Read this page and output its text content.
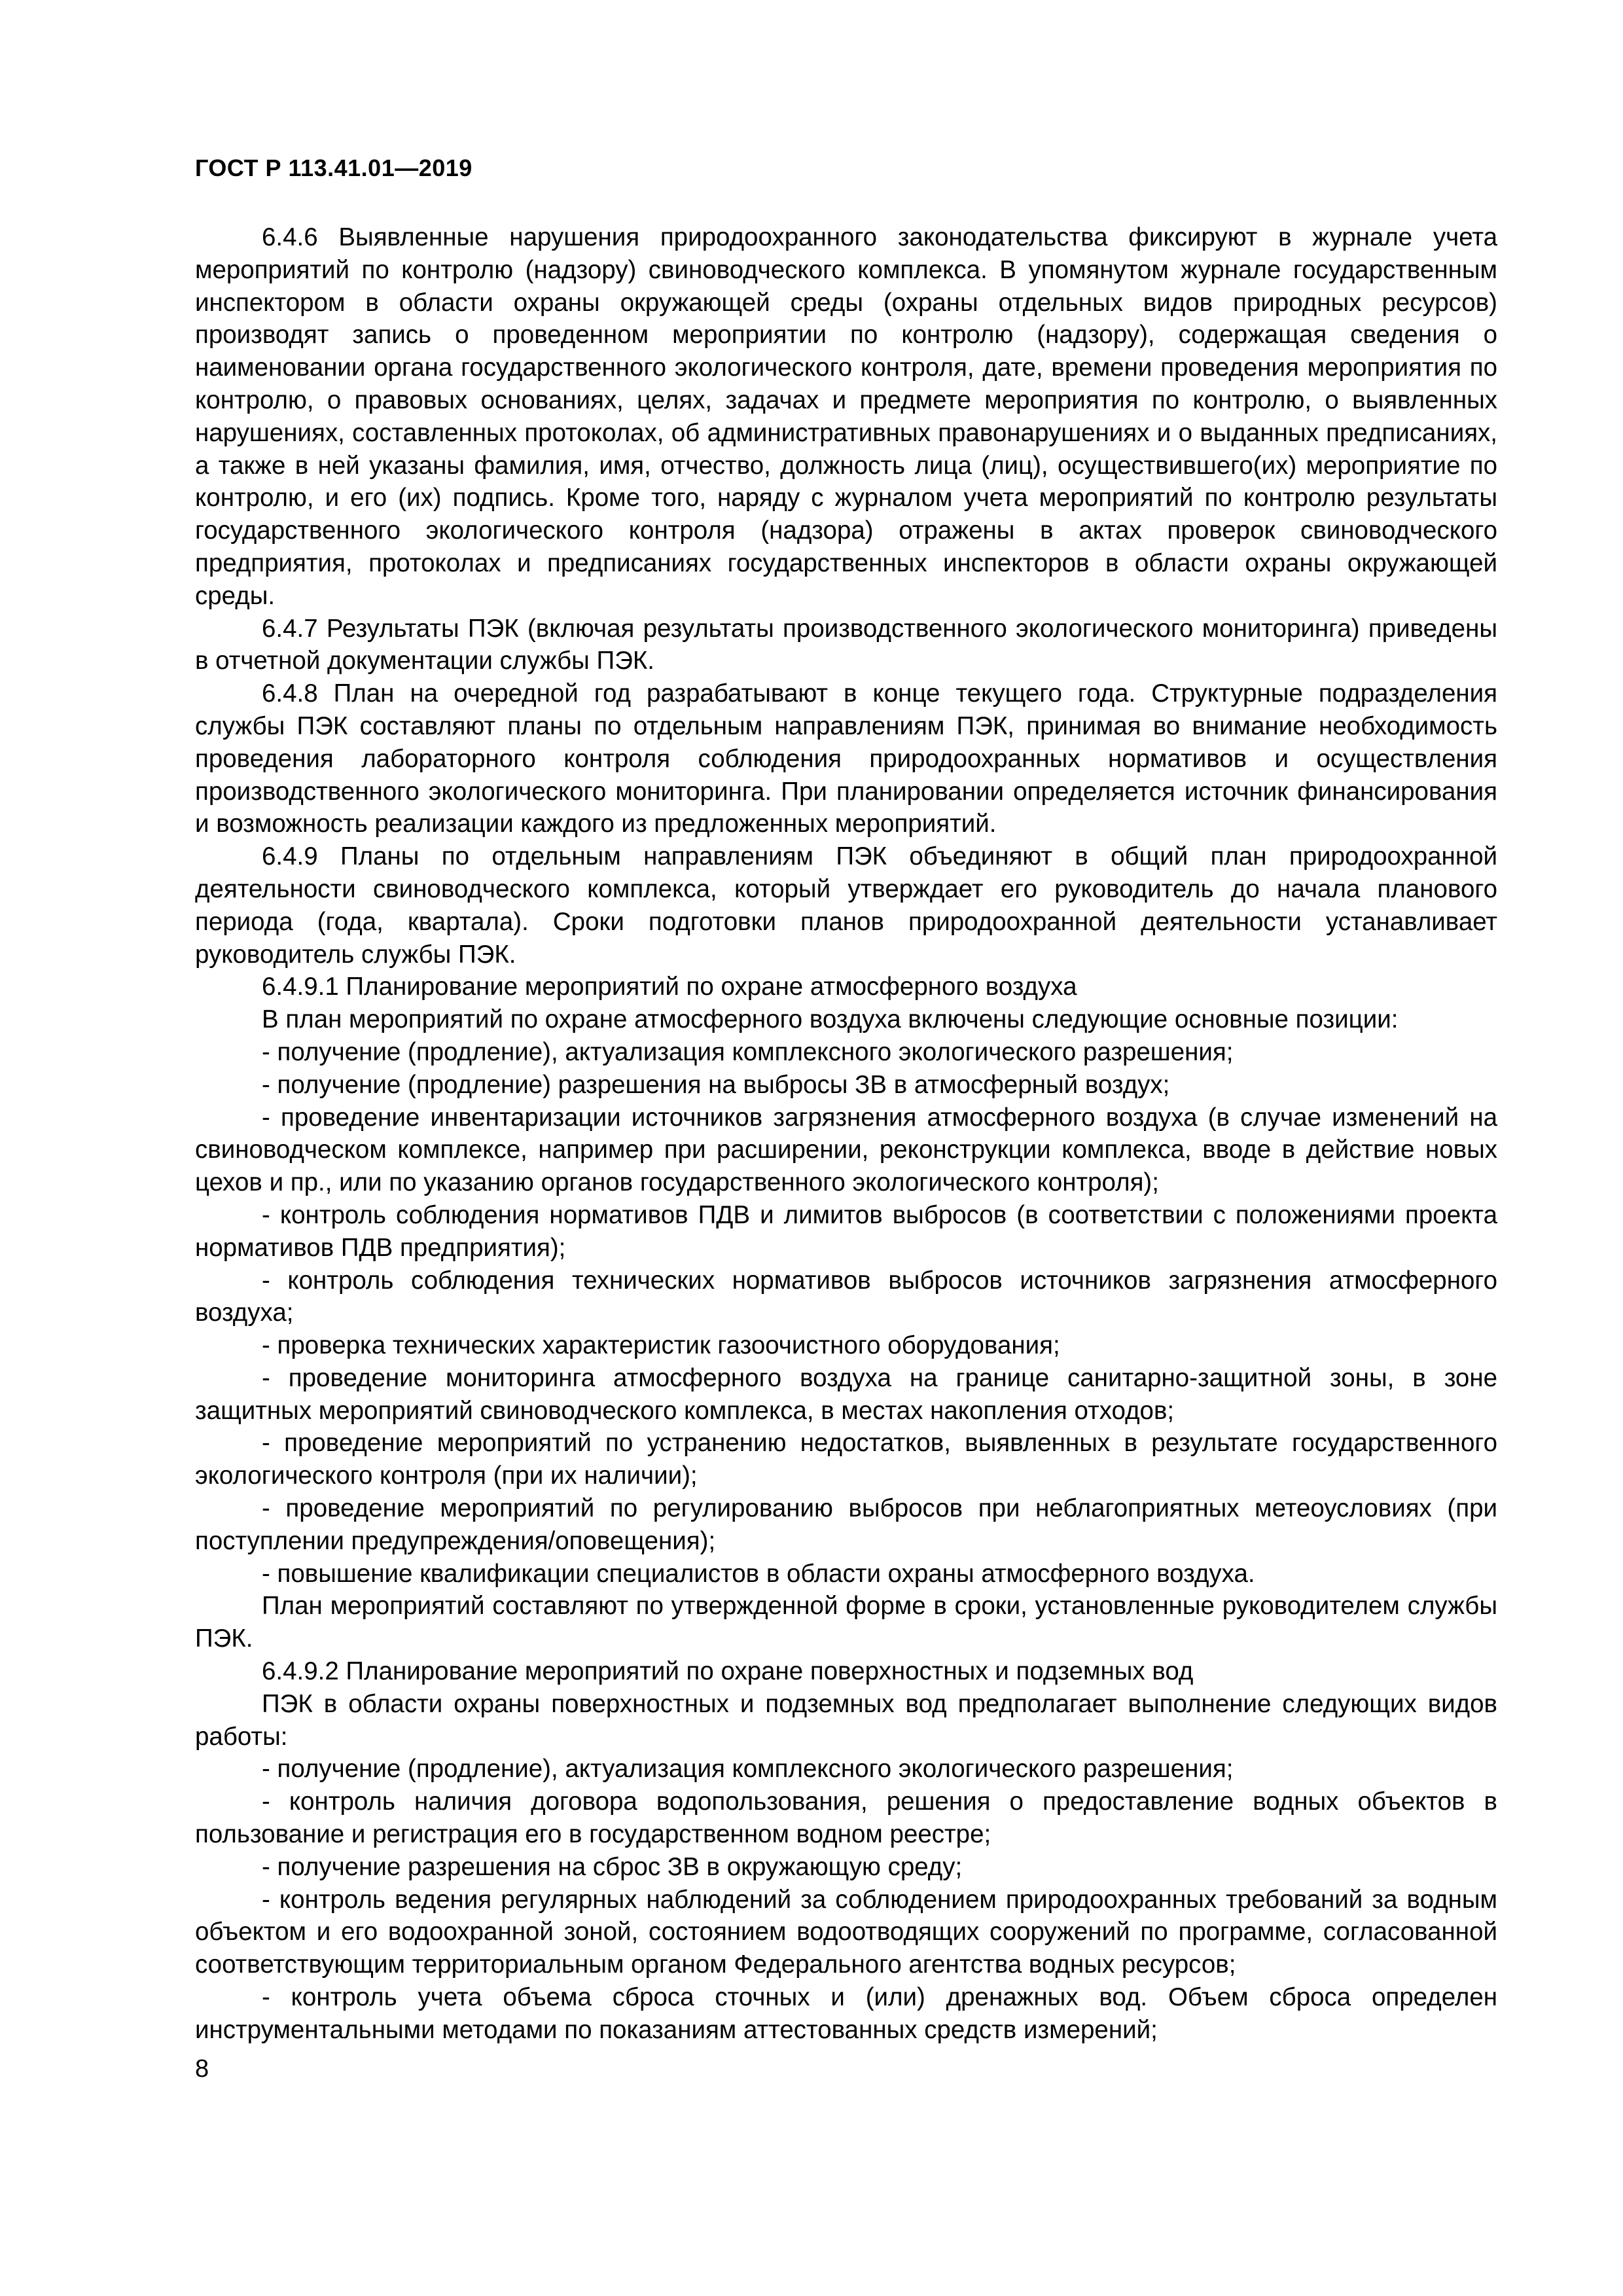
ГОСТ Р 113.41.01—2019

6.4.6 Выявленные нарушения природоохранного законодательства фиксируют в журнале учета мероприятий по контролю (надзору) свиноводческого комплекса. В упомянутом журнале государственным инспектором в области охраны окружающей среды (охраны отдельных видов природных ресурсов) производят запись о проведенном мероприятии по контролю (надзору), содержащая сведения о наименовании органа государственного экологического контроля, дате, времени проведения мероприятия по контролю, о правовых основаниях, целях, задачах и предмете мероприятия по контролю, о выявленных нарушениях, составленных протоколах, об административных правонарушениях и о выданных предписаниях, а также в ней указаны фамилия, имя, отчество, должность лица (лиц), осуществившего(их) мероприятие по контролю, и его (их) подпись. Кроме того, наряду с журналом учета мероприятий по контролю результаты государственного экологического контроля (надзора) отражены в актах проверок свиноводческого предприятия, протоколах и предписаниях государственных инспекторов в области охраны окружающей среды.

6.4.7 Результаты ПЭК (включая результаты производственного экологического мониторинга) приведены в отчетной документации службы ПЭК.

6.4.8 План на очередной год разрабатывают в конце текущего года. Структурные подразделения службы ПЭК составляют планы по отдельным направлениям ПЭК, принимая во внимание необходимость проведения лабораторного контроля соблюдения природоохранных нормативов и осуществления производственного экологического мониторинга. При планировании определяется источник финансирования и возможность реализации каждого из предложенных мероприятий.

6.4.9 Планы по отдельным направлениям ПЭК объединяют в общий план природоохранной деятельности свиноводческого комплекса, который утверждает его руководитель до начала планового периода (года, квартала). Сроки подготовки планов природоохранной деятельности устанавливает руководитель службы ПЭК.

6.4.9.1 Планирование мероприятий по охране атмосферного воздуха

В план мероприятий по охране атмосферного воздуха включены следующие основные позиции:

- получение (продление), актуализация комплексного экологического разрешения;

- получение (продление) разрешения на выбросы ЗВ в атмосферный воздух;

- проведение инвентаризации источников загрязнения атмосферного воздуха (в случае изменений на свиноводческом комплексе, например при расширении, реконструкции комплекса, вводе в действие новых цехов и пр., или по указанию органов государственного экологического контроля);

- контроль соблюдения нормативов ПДВ и лимитов выбросов (в соответствии с положениями проекта нормативов ПДВ предприятия);

- контроль соблюдения технических нормативов выбросов источников загрязнения атмосферного воздуха;

- проверка технических характеристик газоочистного оборудования;

- проведение мониторинга атмосферного воздуха на границе санитарно-защитной зоны, в зоне защитных мероприятий свиноводческого комплекса, в местах накопления отходов;

- проведение мероприятий по устранению недостатков, выявленных в результате государственного экологического контроля (при их наличии);

- проведение мероприятий по регулированию выбросов при неблагоприятных метеоусловиях (при поступлении предупреждения/оповещения);

- повышение квалификации специалистов в области охраны атмосферного воздуха.

План мероприятий составляют по утвержденной форме в сроки, установленные руководителем службы ПЭК.

6.4.9.2 Планирование мероприятий по охране поверхностных и подземных вод

ПЭК в области охраны поверхностных и подземных вод предполагает выполнение следующих видов работы:

- получение (продление), актуализация комплексного экологического разрешения;

- контроль наличия договора водопользования, решения о предоставление водных объектов в пользование и регистрация его в государственном водном реестре;

- получение разрешения на сброс ЗВ в окружающую среду;

- контроль ведения регулярных наблюдений за соблюдением природоохранных требований за водным объектом и его водоохранной зоной, состоянием водоотводящих сооружений по программе, согласованной соответствующим территориальным органом Федерального агентства водных ресурсов;

- контроль учета объема сброса сточных и (или) дренажных вод. Объем сброса определен инструментальными методами по показаниям аттестованных средств измерений;

8
